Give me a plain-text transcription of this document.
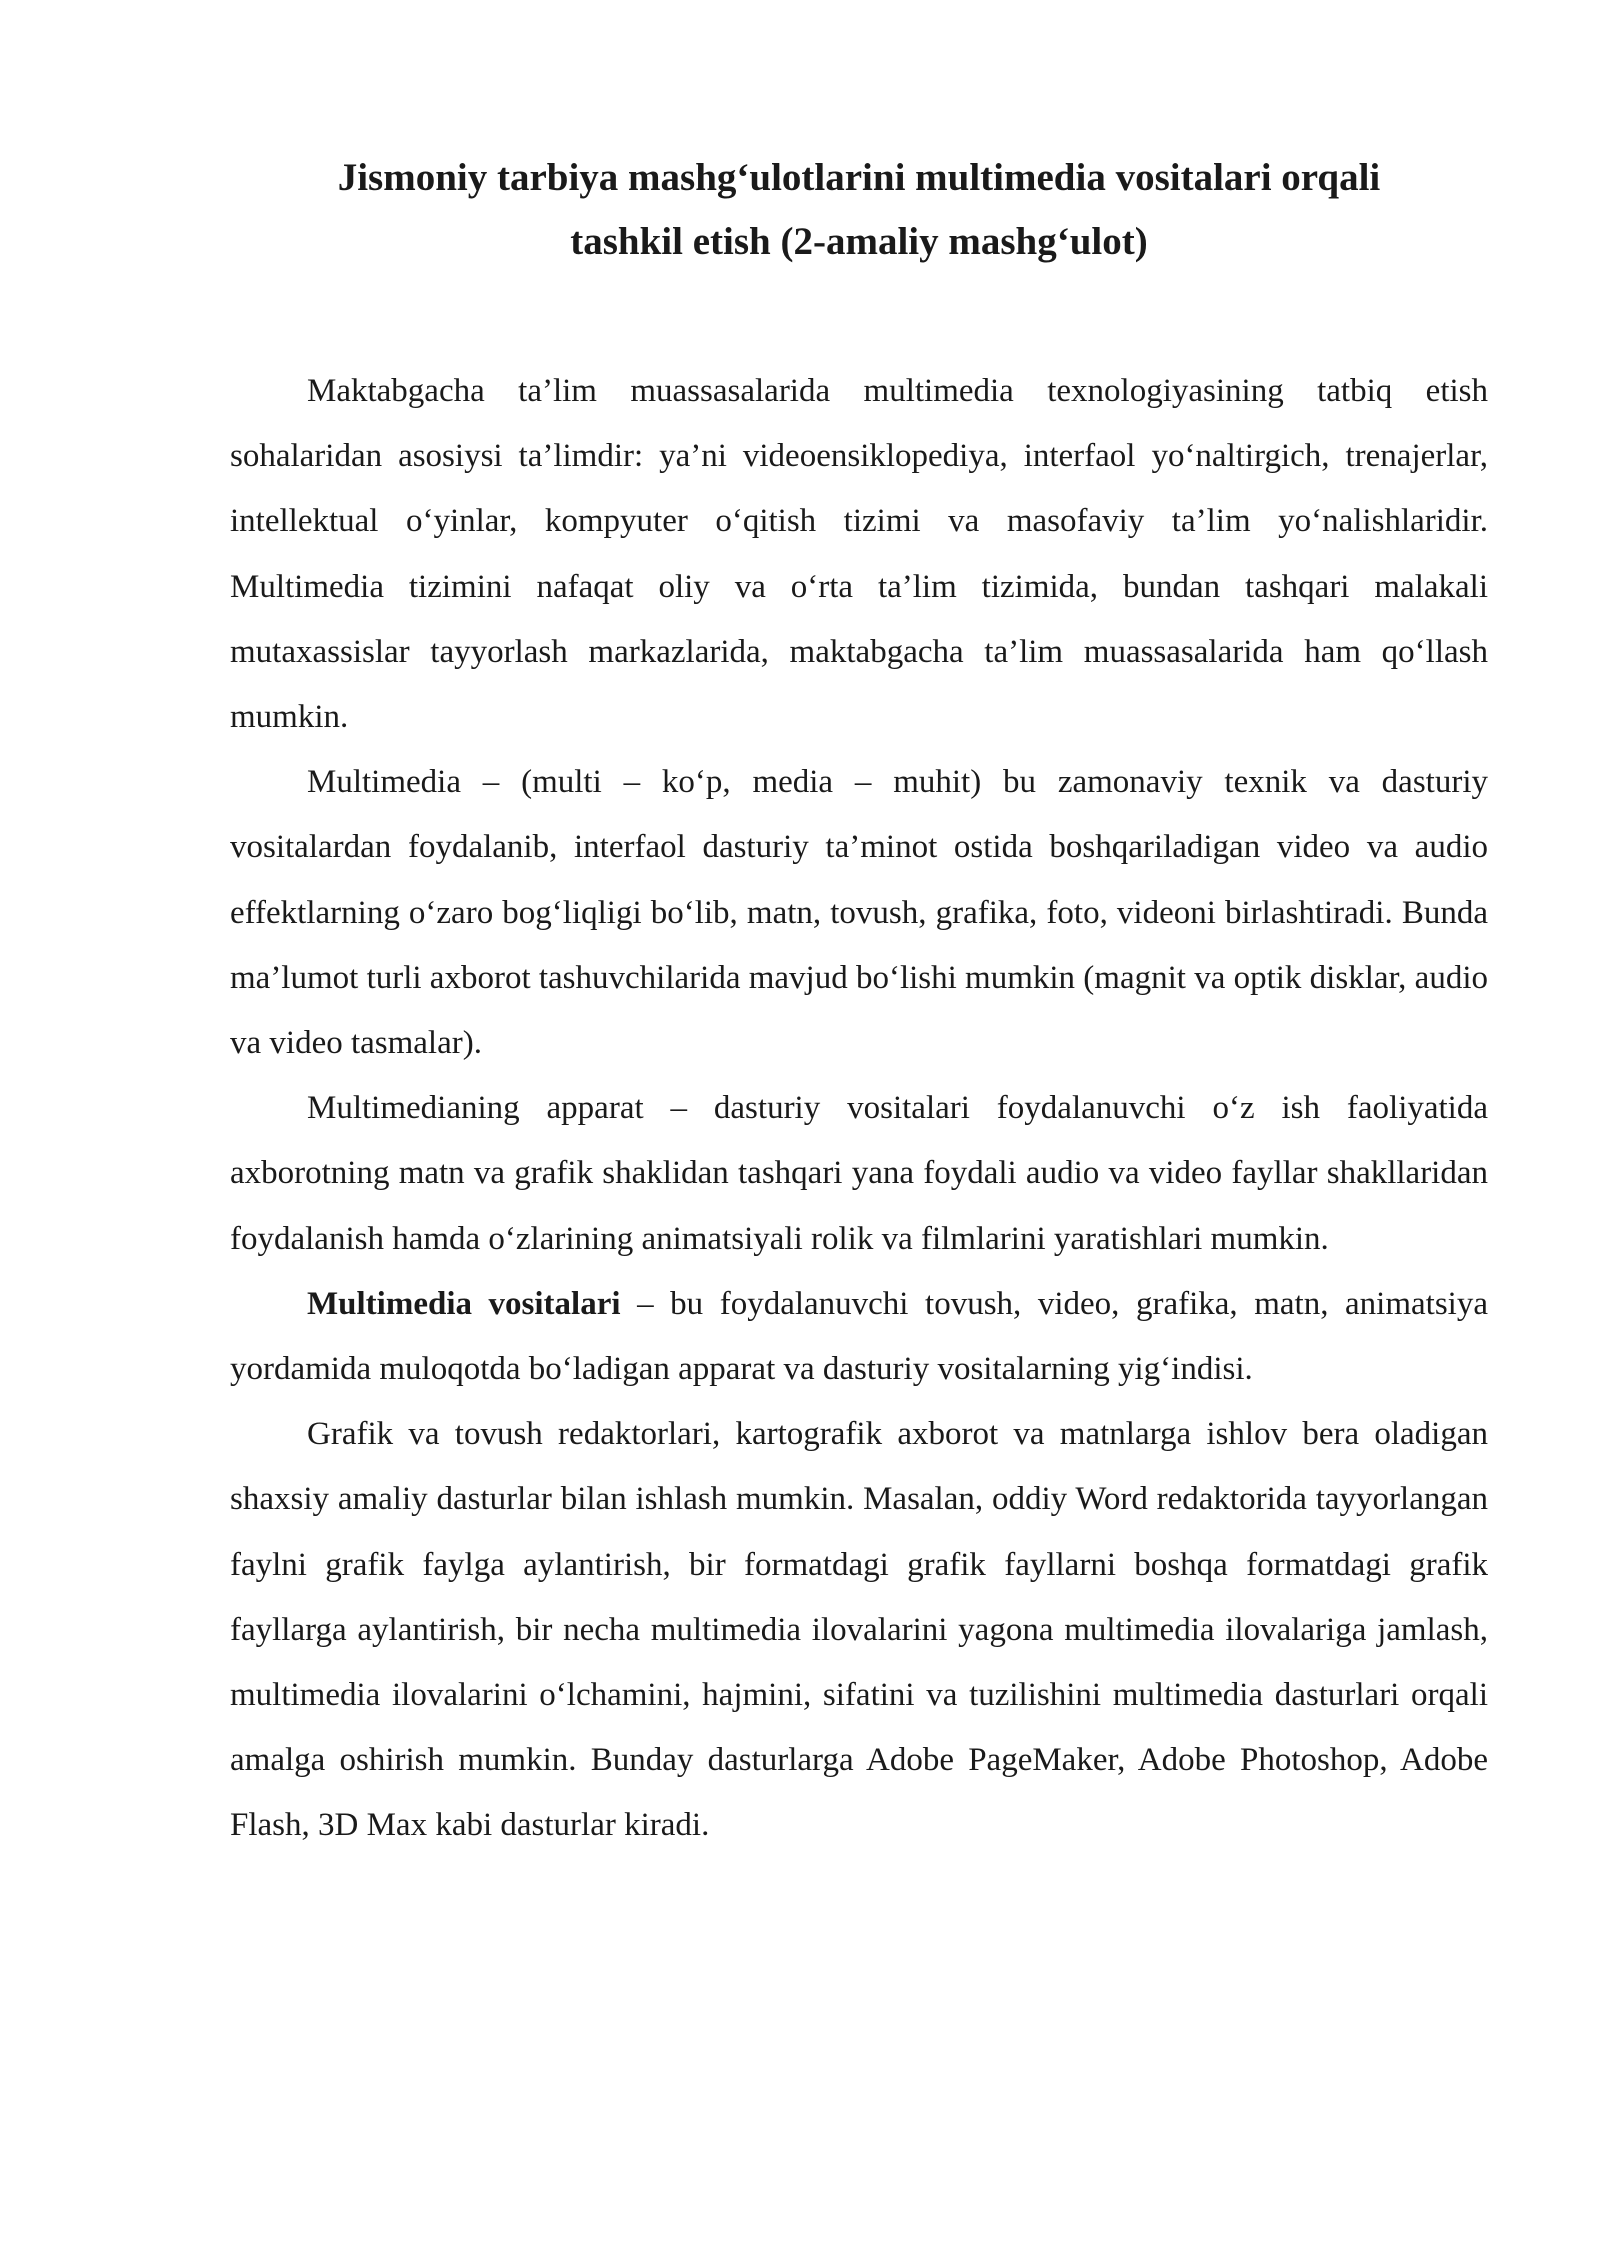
Jismoniy tarbiya mashg‘ulotlarini multimedia vositalari orqali
tashkil etish (2-amaliy mashg‘ulot)

Maktabgacha ta’lim muassasalarida multimedia texnologiyasining tatbiq etish sohalaridan asosiysi ta’limdir: ya’ni videoensiklopediya, interfaol yo‘naltirgich, trenajerlar, intellektual o‘yinlar, kompyuter o‘qitish tizimi va masofaviy ta’lim yo‘nalishlaridir. Multimedia tizimini nafaqat oliy va o‘rta ta’lim tizimida, bundan tashqari malakali mutaxassislar tayyorlash markazlarida, maktabgacha ta’lim muassasalarida ham qo‘llash mumkin.

Multimedia – (multi – ko‘p, media – muhit) bu zamonaviy texnik va dasturiy vositalardan foydalanib, interfaol dasturiy ta’minot ostida boshqariladigan video va audio effektlarning o‘zaro bog‘liqligi bo‘lib, matn, tovush, grafika, foto, videoni birlashtiradi. Bunda ma’lumot turli axborot tashuvchilarida mavjud bo‘lishi mumkin (magnit va optik disklar, audio va video tasmalar).

Multimedianing apparat – dasturiy vositalari foydalanuvchi o‘z ish faoliyatida axborotning matn va grafik shaklidan tashqari yana foydali audio va video fayllar shakllaridan foydalanish hamda o‘zlarining animatsiyali rolik va filmlarini yaratishlari mumkin.

Multimedia vositalari – bu foydalanuvchi tovush, video, grafika, matn, animatsiya yordamida muloqotda bo‘ladigan apparat va dasturiy vositalarning yig‘indisi.

Grafik va tovush redaktorlari, kartografik axborot va matnlarga ishlov bera oladigan shaxsiy amaliy dasturlar bilan ishlash mumkin. Masalan, oddiy Word redaktorida tayyorlangan faylni grafik faylga aylantirish, bir formatdagi grafik fayllarni boshqa formatdagi grafik fayllarga aylantirish, bir necha multimedia ilovalarini yagona multimedia ilovalariga jamlash, multimedia ilovalarini o‘lchamini, hajmini, sifatini va tuzilishini multimedia dasturlari orqali amalga oshirish mumkin. Bunday dasturlarga Adobe PageMaker, Adobe Photoshop, Adobe Flash, 3D Max kabi dasturlar kiradi.
